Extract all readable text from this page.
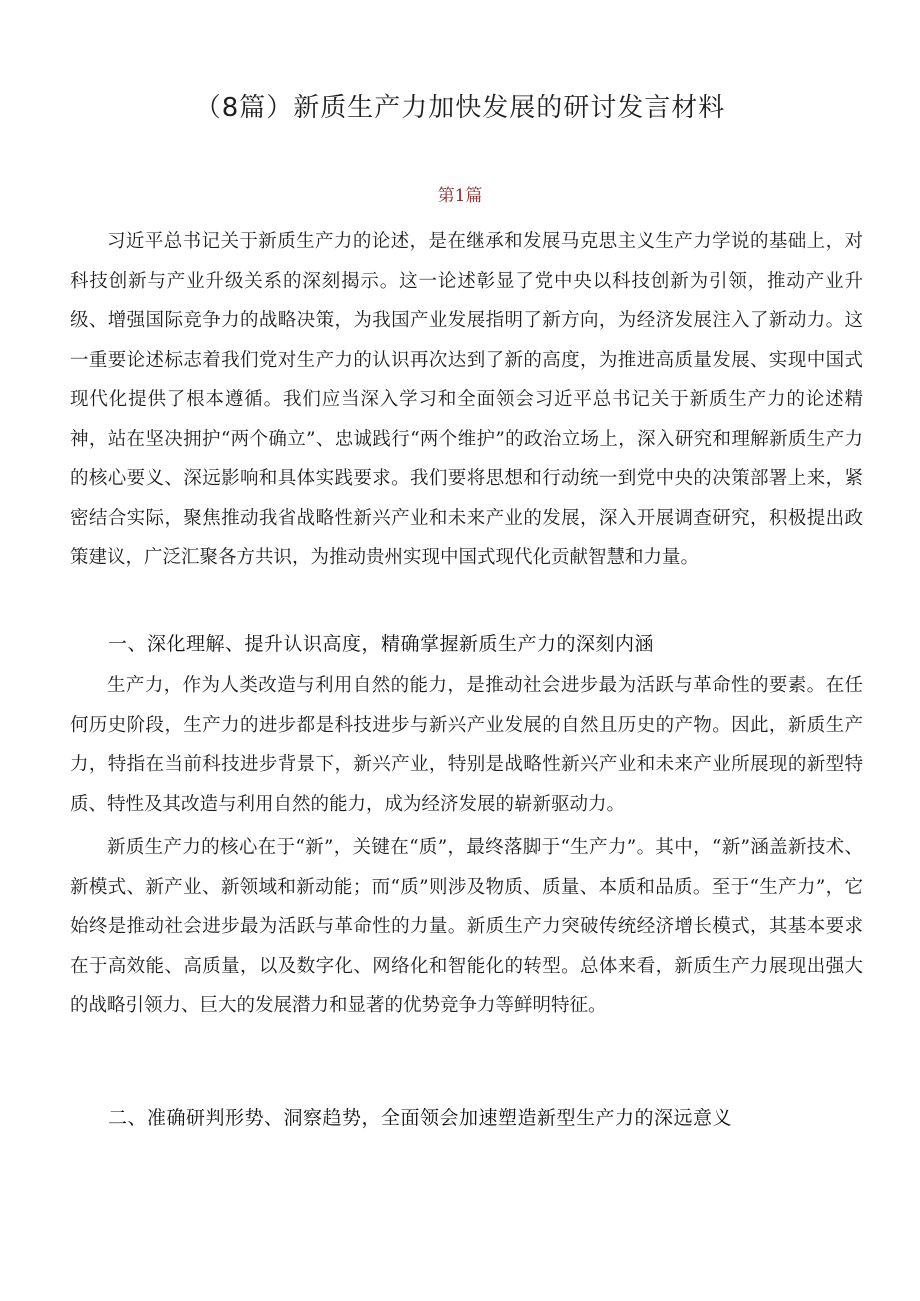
（8篇）新质生产力加快发展的研讨发言材料
第1篇
习近平总书记关于新质生产力的论述，是在继承和发展马克思主义生产力学说的基础上，对科技创新与产业升级关系的深刻揭示。这一论述彰显了党中央以科技创新为引领，推动产业升级、增强国际竞争力的战略决策，为我国产业发展指明了新方向，为经济发展注入了新动力。这一重要论述标志着我们党对生产力的认识再次达到了新的高度，为推进高质量发展、实现中国式现代化提供了根本遵循。我们应当深入学习和全面领会习近平总书记关于新质生产力的论述精神，站在坚决拥护“两个确立”、忠诚践行“两个维护”的政治立场上，深入研究和理解新质生产力的核心要义、深远影响和具体实践要求。我们要将思想和行动统一到党中央的决策部署上来，紧密结合实际，聚焦推动我省战略性新兴产业和未来产业的发展，深入开展调查研究，积极提出政策建议，广泛汇聚各方共识，为推动贵州实现中国式现代化贡献智慧和力量。
一、深化理解、提升认识高度，精确掌握新质生产力的深刻内涵
生产力，作为人类改造与利用自然的能力，是推动社会进步最为活跃与革命性的要素。在任何历史阶段，生产力的进步都是科技进步与新兴产业发展的自然且历史的产物。因此，新质生产力，特指在当前科技进步背景下，新兴产业，特别是战略性新兴产业和未来产业所展现的新型特质、特性及其改造与利用自然的能力，成为经济发展的崭新驱动力。
新质生产力的核心在于“新”，关键在“质”，最终落脚于“生产力”。其中，“新”涵盖新技术、新模式、新产业、新领域和新动能；而“质”则涉及物质、质量、本质和品质。至于“生产力”，它始终是推动社会进步最为活跃与革命性的力量。新质生产力突破传统经济增长模式，其基本要求在于高效能、高质量，以及数字化、网络化和智能化的转型。总体来看，新质生产力展现出强大的战略引领力、巨大的发展潜力和显著的优势竞争力等鲜明特征。
二、准确研判形势、洞察趋势，全面领会加速塑造新型生产力的深远意义
